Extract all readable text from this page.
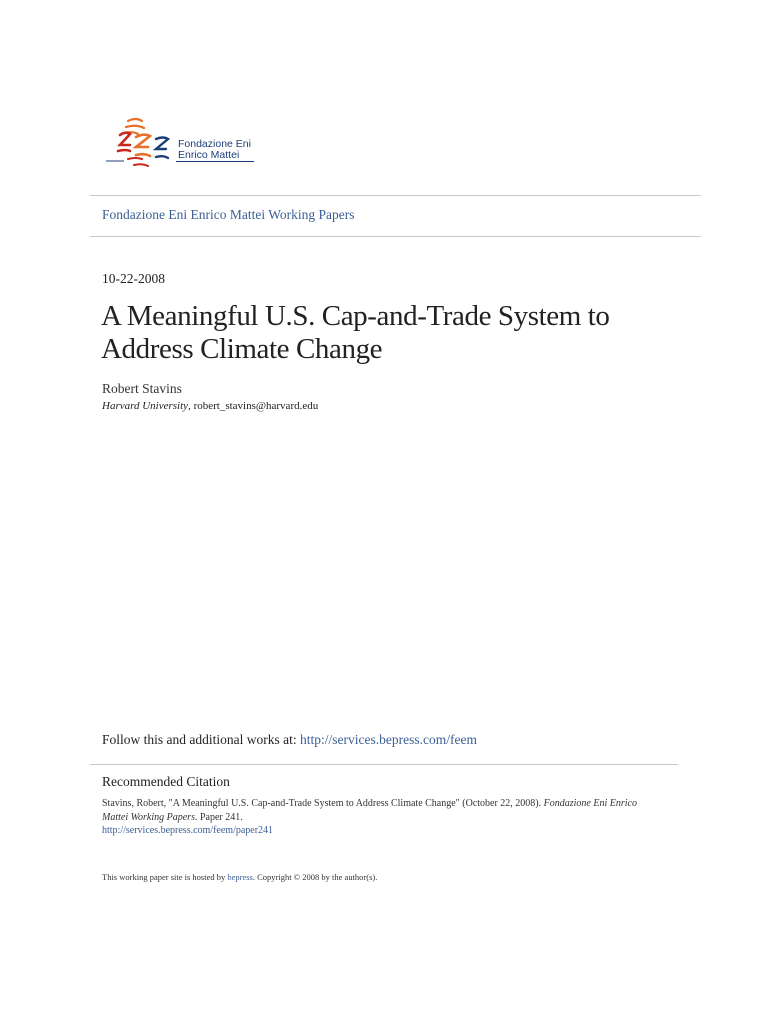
Fondazione Eni
Enrico Mattei
Fondazione Eni Enrico Mattei Working Papers
10-22-2008
A Meaningful U.S. Cap-and-Trade System to Address Climate Change
Robert Stavins
Harvard University, robert_stavins@harvard.edu
Follow this and additional works at: http://services.bepress.com/feem
Recommended Citation
Stavins, Robert, "A Meaningful U.S. Cap-and-Trade System to Address Climate Change" (October 22, 2008). Fondazione Eni Enrico Mattei Working Papers. Paper 241.
http://services.bepress.com/feem/paper241
This working paper site is hosted by bepress. Copyright © 2008 by the author(s).
